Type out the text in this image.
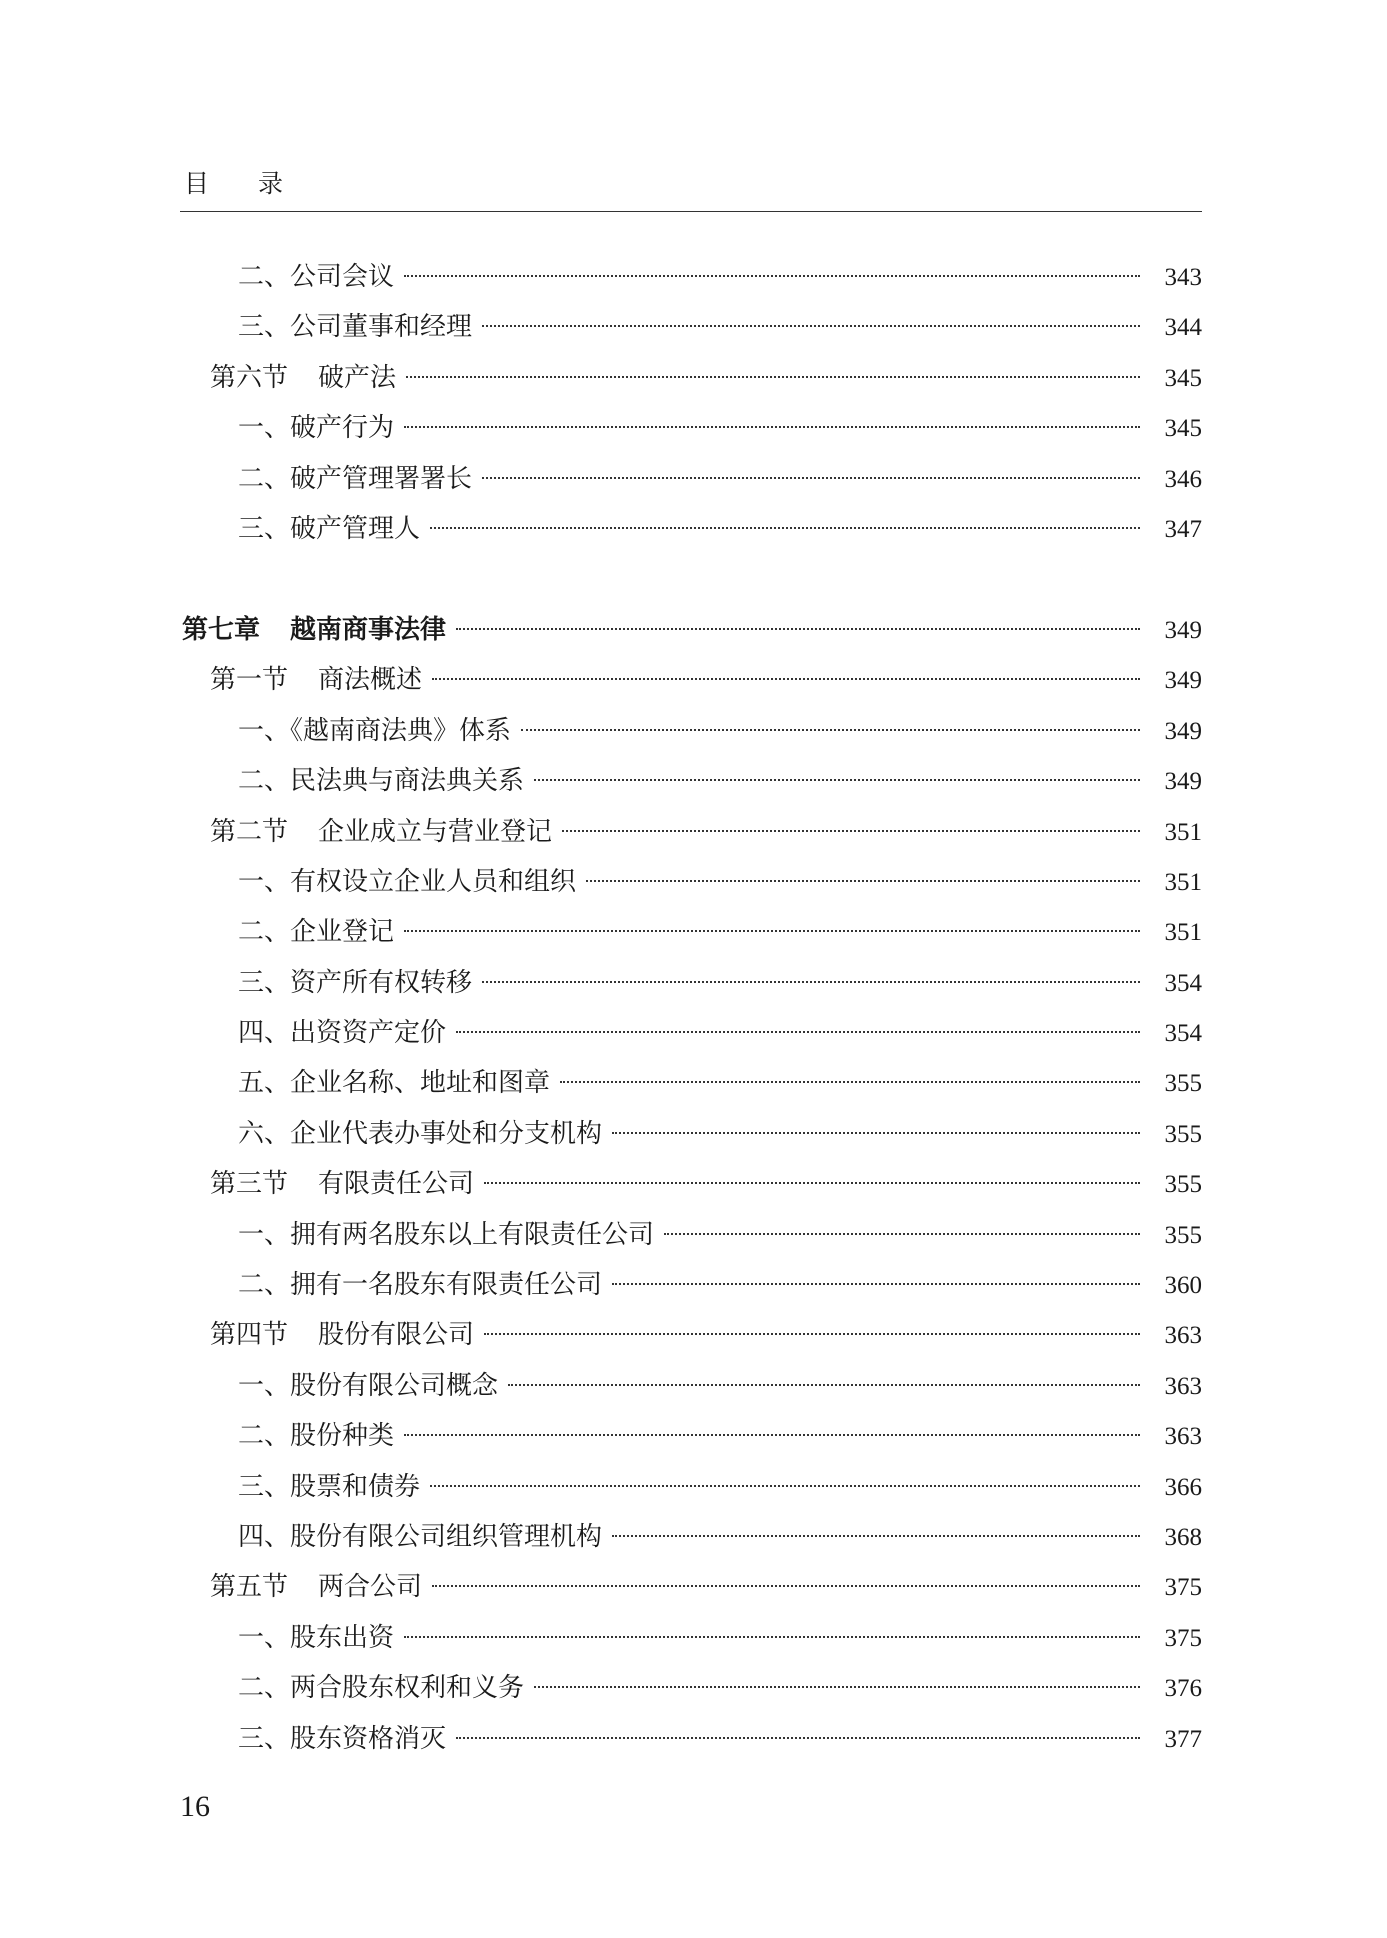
目 录
二、公司会议	343
三、公司董事和经理	344
第六节 破产法	345
一、破产行为	345
二、破产管理署署长	346
三、破产管理人	347
第七章 越南商事法律	349
第一节 商法概述	349
一、《越南商法典》体系	349
二、民法典与商法典关系	349
第二节 企业成立与营业登记	351
一、有权设立企业人员和组织	351
二、企业登记	351
三、资产所有权转移	354
四、出资资产定价	354
五、企业名称、地址和图章	355
六、企业代表办事处和分支机构	355
第三节 有限责任公司	355
一、拥有两名股东以上有限责任公司	355
二、拥有一名股东有限责任公司	360
第四节 股份有限公司	363
一、股份有限公司概念	363
二、股份种类	363
三、股票和债券	366
四、股份有限公司组织管理机构	368
第五节 两合公司	375
一、股东出资	375
二、两合股东权利和义务	376
三、股东资格消灭	377
16
